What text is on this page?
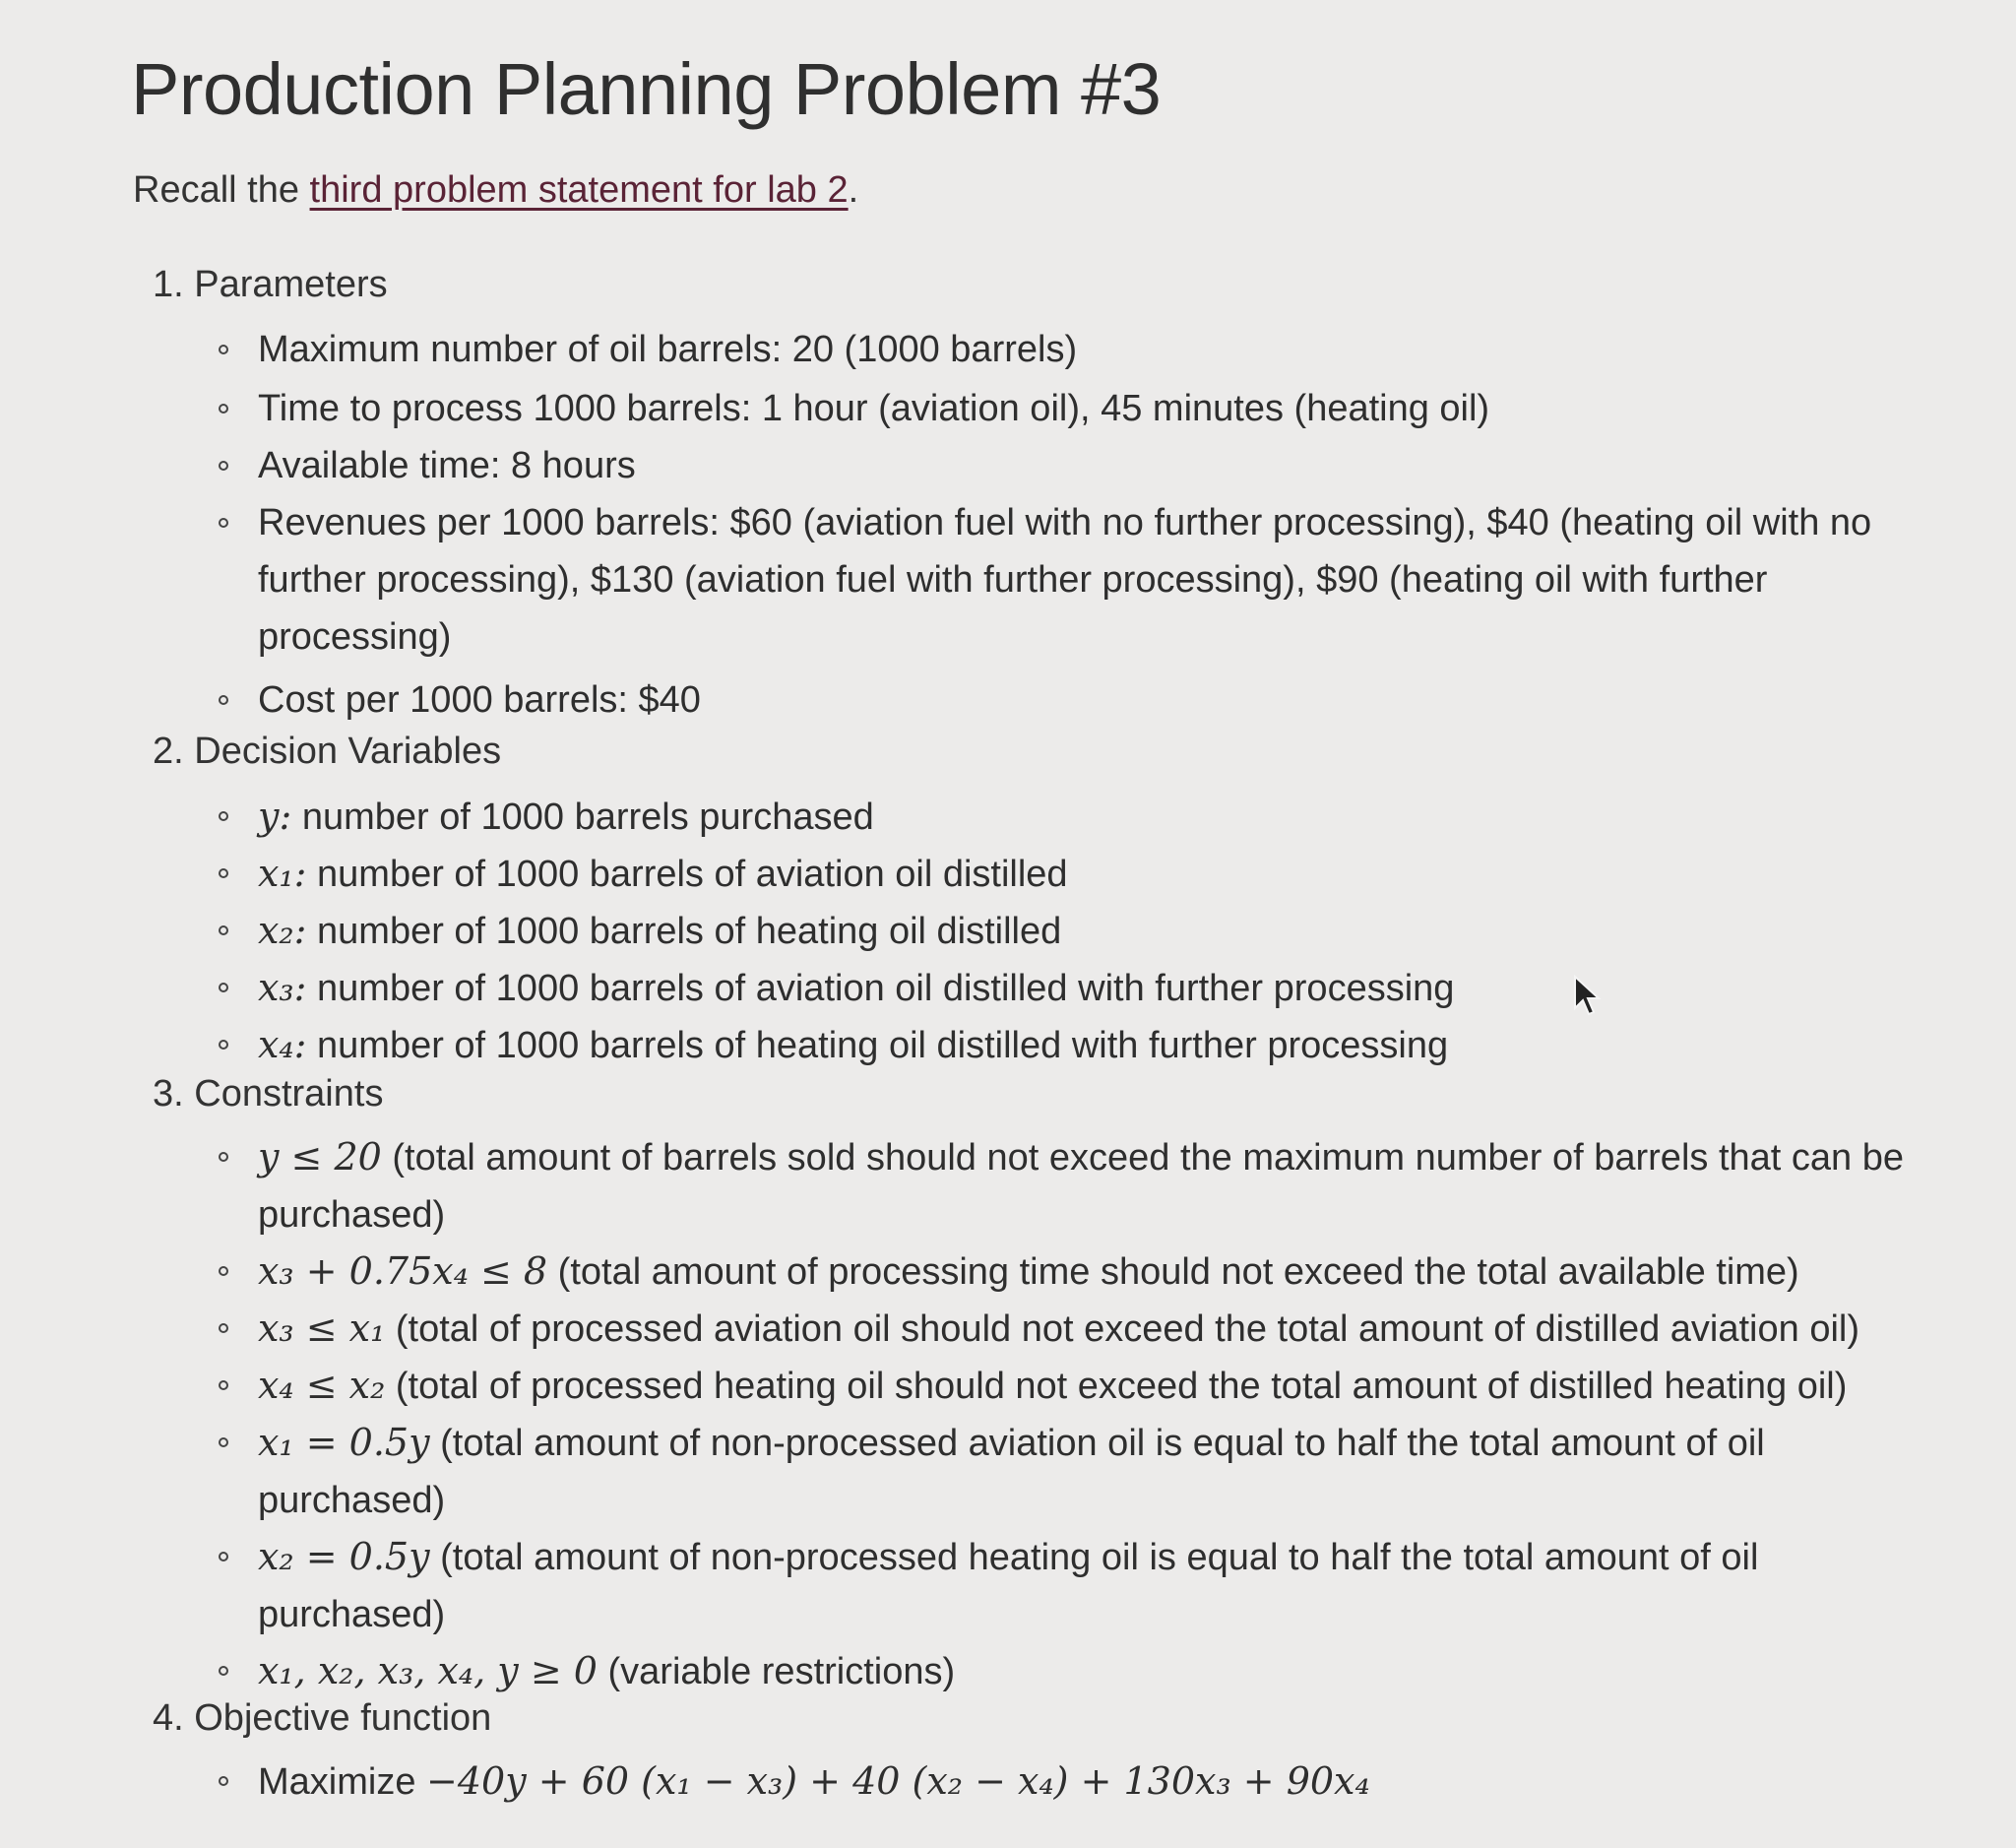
Production Planning Problem #3
Recall the third problem statement for lab 2.
1. Parameters
Maximum number of oil barrels: 20 (1000 barrels)
Time to process 1000 barrels: 1 hour (aviation oil), 45 minutes (heating oil)
Available time: 8 hours
Revenues per 1000 barrels: $60 (aviation fuel with no further processing), $40 (heating oil with no further processing), $130 (aviation fuel with further processing), $90 (heating oil with further processing)
Cost per 1000 barrels: $40
2. Decision Variables
y: number of 1000 barrels purchased
x₁: number of 1000 barrels of aviation oil distilled
x₂: number of 1000 barrels of heating oil distilled
x₃: number of 1000 barrels of aviation oil distilled with further processing
x₄: number of 1000 barrels of heating oil distilled with further processing
3. Constraints
y ≤ 20 (total amount of barrels sold should not exceed the maximum number of barrels that can be purchased)
x₃ + 0.75x₄ ≤ 8 (total amount of processing time should not exceed the total available time)
x₃ ≤ x₁ (total of processed aviation oil should not exceed the total amount of distilled aviation oil)
x₄ ≤ x₂ (total of processed heating oil should not exceed the total amount of distilled heating oil)
x₁ = 0.5y (total amount of non-processed aviation oil is equal to half the total amount of oil purchased)
x₂ = 0.5y (total amount of non-processed heating oil is equal to half the total amount of oil purchased)
x₁, x₂, x₃, x₄, y ≥ 0 (variable restrictions)
4. Objective function
Maximize −40y + 60 (x₁ − x₃) + 40 (x₂ − x₄) + 130x₃ + 90x₄
